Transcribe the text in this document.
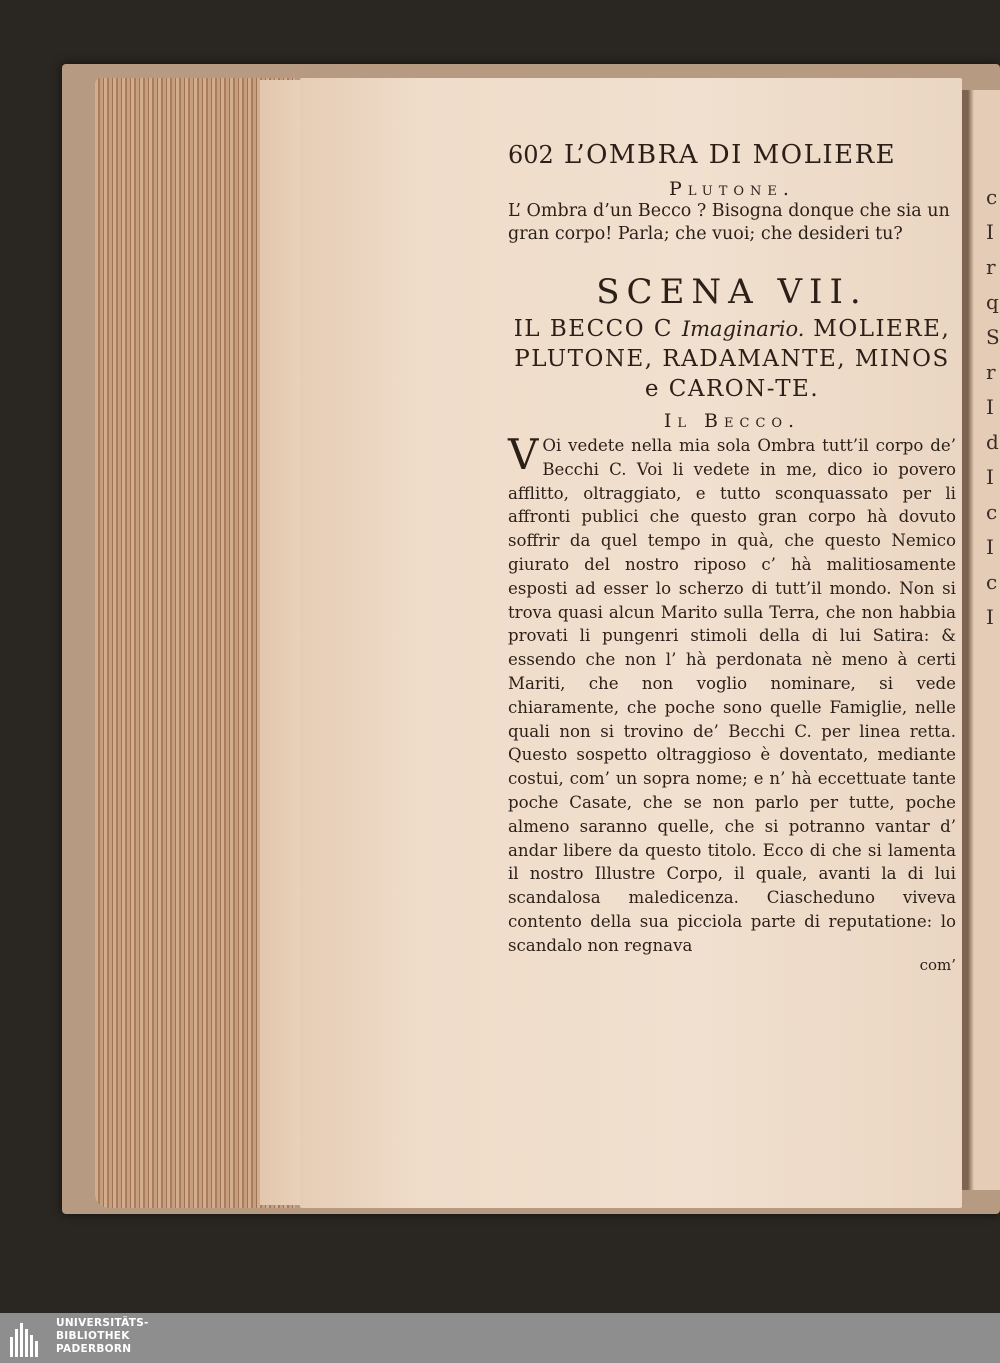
c
I
r
q
S
r
I
d
I
c
I
c
I
602 L’OMBRA DI MOLIERE
Plutone.
L’ Ombra d’un Becco ? Bisogna donque che sia un gran corpo! Parla; che vuoi; che desideri tu?
SCENA VII.
IL BECCO C Imaginario. MOLIERE, PLUTONE, RADAMANTE, MINOS e CARON-TE.
Il Becco.
V Oi vedete nella mia sola Ombra tutt’il corpo de’ Becchi C. Voi li vedete in me, dico io povero afflitto, oltraggiato, e tutto sconquassato per li affronti publici che questo gran corpo hà dovuto soffrir da quel tempo in quà, che questo Nemico giurato del nostro riposo c’ hà malitiosamente esposti ad esser lo scherzo di tutt’il mondo. Non si trova quasi alcun Marito sulla Terra, che non habbia provati li pungenri stimoli della di lui Satira: & essendo che non l’ hà perdonata nè meno à certi Mariti, che non voglio nominare, si vede chiaramente, che poche sono quelle Famiglie, nelle quali non si trovino de’ Becchi C. per linea retta. Questo sospetto oltraggioso è doventato, mediante costui, com’ un sopra nome; e n’ hà eccettuate tante poche Casate, che se non parlo per tutte, poche almeno saranno quelle, che si potranno vantar d’ andar libere da questo titolo. Ecco di che si lamenta il nostro Illustre Corpo, il quale, avanti la di lui scandalosa maledicenza. Ciascheduno viveva contento della sua picciola parte di reputatione: lo scandalo non regnava
com’
UNIVERSITÄTS-
BIBLIOTHEK
PADERBORN
